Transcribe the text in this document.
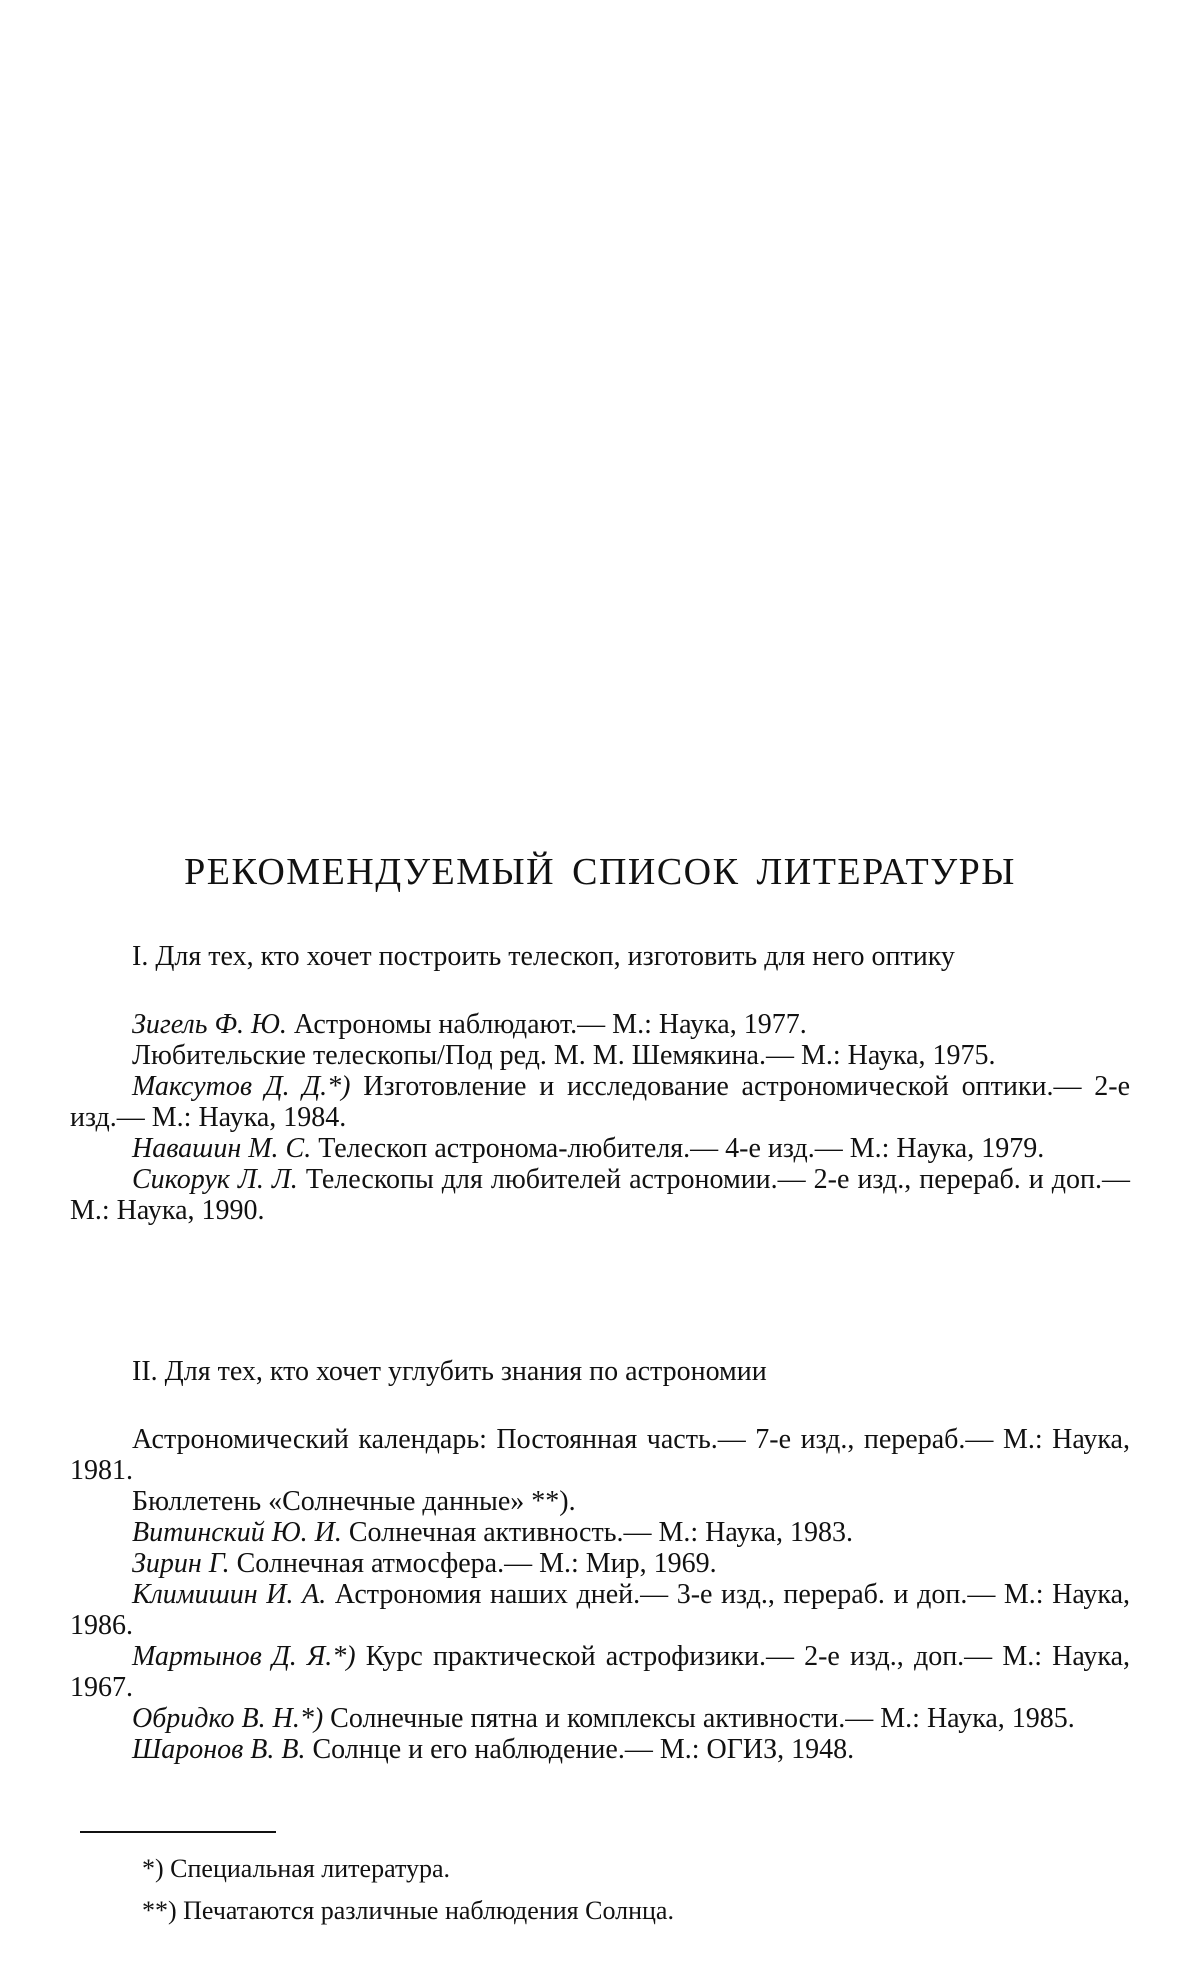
РЕКОМЕНДУЕМЫЙ СПИСОК ЛИТЕРАТУРЫ

I. Для тех, кто хочет построить телескоп, изготовить для него оптику

Зигель Ф. Ю. Астрономы наблюдают.— М.: Наука, 1977.

Любительские телескопы/Под ред. М. М. Шемякина.— М.: Наука, 1975.

Максутов Д. Д.*) Изготовление и исследование астрономической оптики.— 2-е изд.— М.: Наука, 1984.

Навашин М. С. Телескоп астронома-любителя.— 4-е изд.— М.: Наука, 1979.

Сикорук Л. Л. Телескопы для любителей астрономии.— 2-е изд., перераб. и доп.— М.: Наука, 1990.

II. Для тех, кто хочет углубить знания по астрономии

Астрономический календарь: Постоянная часть.— 7-е изд., перераб.— М.: Наука, 1981.

Бюллетень «Солнечные данные» **).

Витинский Ю. И. Солнечная активность.— М.: Наука, 1983.

Зирин Г. Солнечная атмосфера.— М.: Мир, 1969.

Климишин И. А. Астрономия наших дней.— 3-е изд., перераб. и доп.— М.: Наука, 1986.

Мартынов Д. Я.*) Курс практической астрофизики.— 2-е изд., доп.— М.: Наука, 1967.

Обридко В. Н.*) Солнечные пятна и комплексы активности.— М.: Наука, 1985.

Шаронов В. В. Солнце и его наблюдение.— М.: ОГИЗ, 1948.

*) Специальная литература.

**) Печатаются различные наблюдения Солнца.
